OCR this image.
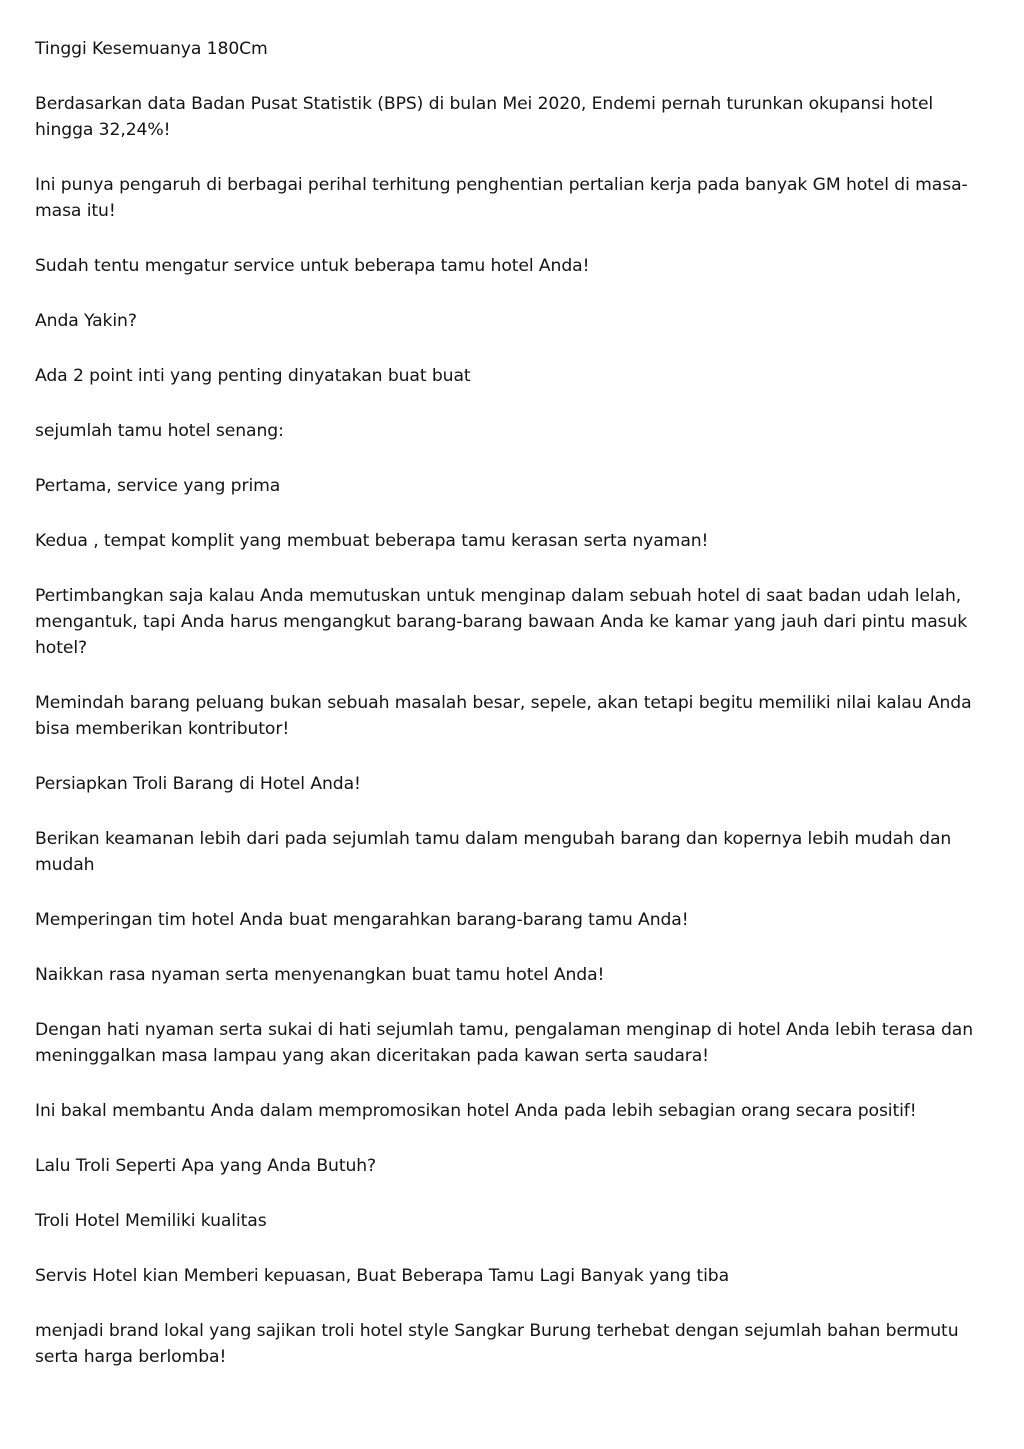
Tinggi Kesemuanya 180Cm

Berdasarkan data Badan Pusat Statistik (BPS) di bulan Mei 2020, Endemi pernah turunkan okupansi hotel hingga 32,24%!

Ini punya pengaruh di berbagai perihal terhitung penghentian pertalian kerja pada banyak GM hotel di masa-masa itu!

Sudah tentu mengatur service untuk beberapa tamu hotel Anda!

Anda Yakin?

Ada 2 point inti yang penting dinyatakan buat buat

sejumlah tamu hotel senang:

Pertama, service yang prima

Kedua , tempat komplit yang membuat beberapa tamu kerasan serta nyaman!

Pertimbangkan saja kalau Anda memutuskan untuk menginap dalam sebuah hotel di saat badan udah lelah, mengantuk, tapi Anda harus mengangkut barang-barang bawaan Anda ke kamar yang jauh dari pintu masuk hotel?

Memindah barang peluang bukan sebuah masalah besar, sepele, akan tetapi begitu memiliki nilai kalau Anda bisa memberikan kontributor!

Persiapkan Troli Barang di Hotel Anda!

Berikan keamanan lebih dari pada sejumlah tamu dalam mengubah barang dan kopernya lebih mudah dan mudah

Memperingan tim hotel Anda buat mengarahkan barang-barang tamu Anda!

Naikkan rasa nyaman serta menyenangkan buat tamu hotel Anda!

Dengan hati nyaman serta sukai di hati sejumlah tamu, pengalaman menginap di hotel Anda lebih terasa dan meninggalkan masa lampau yang akan diceritakan pada kawan serta saudara!

Ini bakal membantu Anda dalam mempromosikan hotel Anda pada lebih sebagian orang secara positif!

Lalu Troli Seperti Apa yang Anda Butuh?

Troli Hotel Memiliki kualitas

Servis Hotel kian Memberi kepuasan, Buat Beberapa Tamu Lagi Banyak yang tiba

menjadi brand lokal yang sajikan troli hotel style Sangkar Burung terhebat dengan sejumlah bahan bermutu serta harga berlomba!
